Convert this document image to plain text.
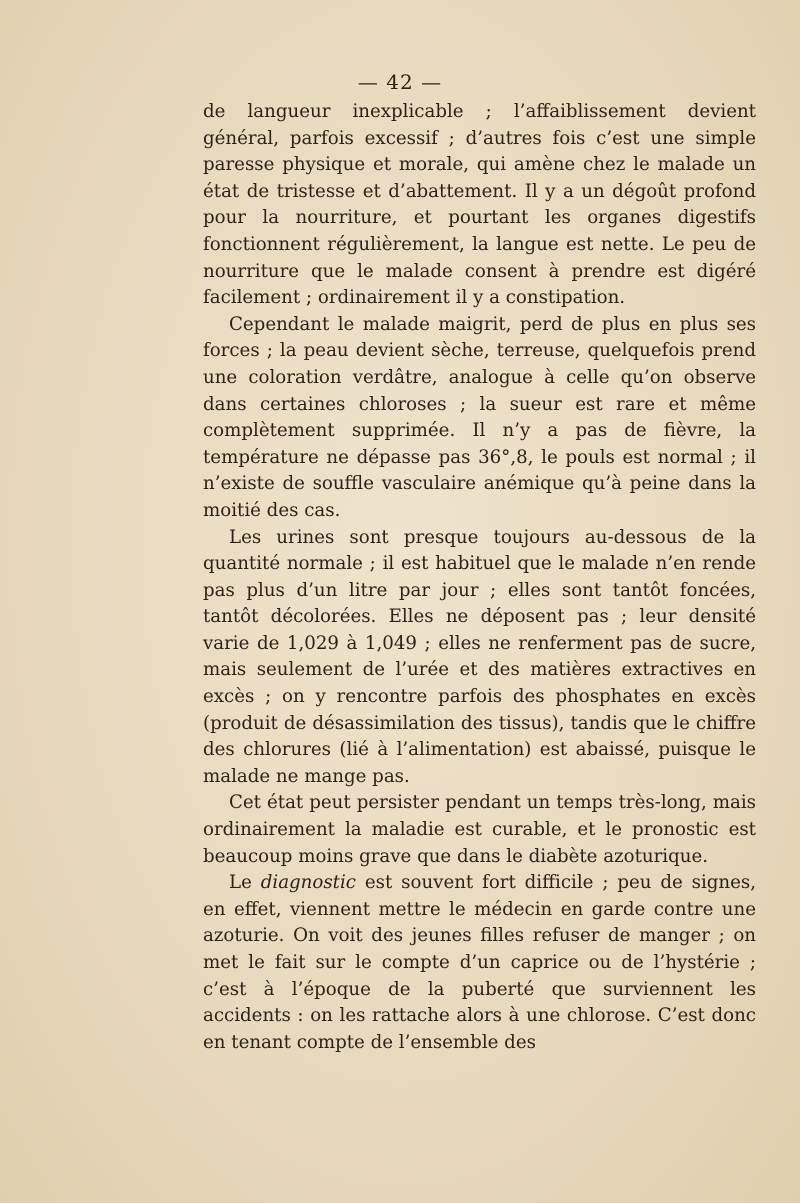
— 42 —

de langueur inexplicable ; l’affaiblissement devient général, parfois excessif ; d’autres fois c’est une simple paresse physique et morale, qui amène chez le malade un état de tristesse et d’abattement. Il y a un dégoût profond pour la nourriture, et pourtant les organes digestifs fonctionnent régulièrement, la langue est nette. Le peu de nourriture que le malade consent à prendre est digéré facilement ; ordinairement il y a constipation.

Cependant le malade maigrit, perd de plus en plus ses forces ; la peau devient sèche, terreuse, quelquefois prend une coloration verdâtre, analogue à celle qu’on observe dans certaines chloroses ; la sueur est rare et même complètement supprimée. Il n’y a pas de fièvre, la température ne dépasse pas 36°,8, le pouls est normal ; il n’existe de souffle vasculaire anémique qu’à peine dans la moitié des cas.

Les urines sont presque toujours au-dessous de la quantité normale ; il est habituel que le malade n’en rende pas plus d’un litre par jour ; elles sont tantôt foncées, tantôt décolorées. Elles ne déposent pas ; leur densité varie de 1,029 à 1,049 ; elles ne renferment pas de sucre, mais seulement de l’urée et des matières extractives en excès ; on y rencontre parfois des phosphates en excès (produit de désassimilation des tissus), tandis que le chiffre des chlorures (lié à l’alimentation) est abaissé, puisque le malade ne mange pas.

Cet état peut persister pendant un temps très-long, mais ordinairement la maladie est curable, et le pronostic est beaucoup moins grave que dans le diabète azoturique.

Le diagnostic est souvent fort difficile ; peu de signes, en effet, viennent mettre le médecin en garde contre une azoturie. On voit des jeunes filles refuser de manger ; on met le fait sur le compte d’un caprice ou de l’hystérie ; c’est à l’époque de la puberté que surviennent les accidents : on les rattache alors à une chlorose. C’est donc en tenant compte de l’ensemble des
